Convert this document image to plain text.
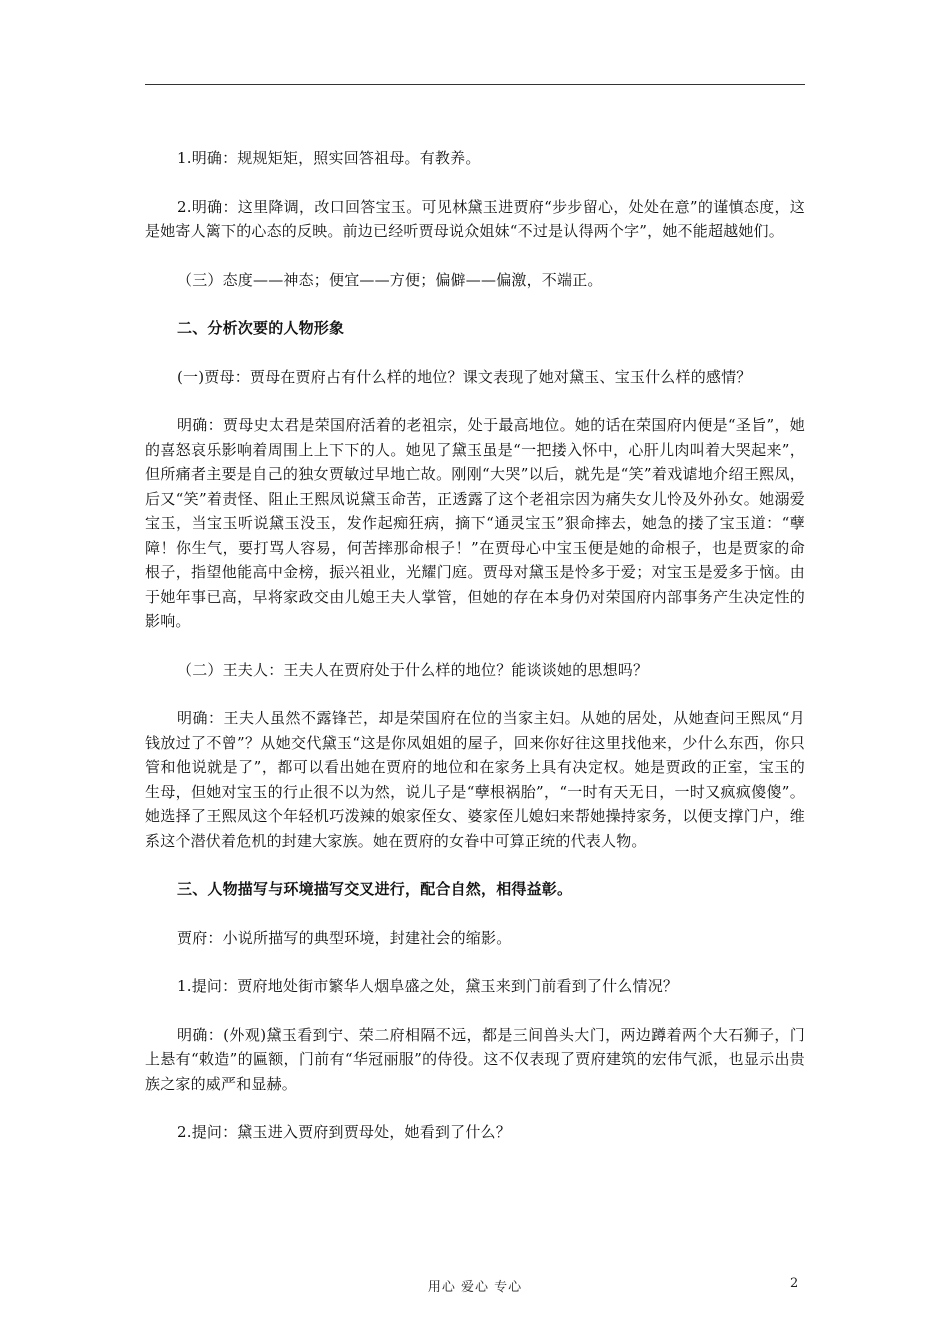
1.明确：规规矩矩，照实回答祖母。有教养。

2.明确：这里降调，改口回答宝玉。可见林黛玉进贾府“步步留心，处处在意”的谨慎态度，这是她寄人篱下的心态的反映。前边已经听贾母说众姐妹“不过是认得两个字”，她不能超越她们。

（三）态度——神态；便宜——方便；偏僻——偏激，不端正。

二、分析次要的人物形象

(一)贾母：贾母在贾府占有什么样的地位？课文表现了她对黛玉、宝玉什么样的感情？

明确：贾母史太君是荣国府活着的老祖宗，处于最高地位。她的话在荣国府内便是“圣旨”，她的喜怒哀乐影响着周围上上下下的人。她见了黛玉虽是“一把搂入怀中，心肝儿肉叫着大哭起来”，但所痛者主要是自己的独女贾敏过早地亡故。刚刚“大哭”以后，就先是“笑”着戏谑地介绍王熙凤，后又“笑”着责怪、阻止王熙凤说黛玉命苦，正透露了这个老祖宗因为痛失女儿怜及外孙女。她溺爱宝玉，当宝玉听说黛玉没玉，发作起痴狂病，摘下“通灵宝玉”狠命摔去，她急的搂了宝玉道：“孽障！你生气，要打骂人容易，何苦摔那命根子！”在贾母心中宝玉便是她的命根子，也是贾家的命根子，指望他能高中金榜，振兴祖业，光耀门庭。贾母对黛玉是怜多于爱；对宝玉是爱多于恼。由于她年事已高，早将家政交由儿媳王夫人掌管，但她的存在本身仍对荣国府内部事务产生决定性的影响。

（二）王夫人：王夫人在贾府处于什么样的地位？能谈谈她的思想吗？

明确：王夫人虽然不露锋芒，却是荣国府在位的当家主妇。从她的居处，从她查问王熙凤“月钱放过了不曾”？从她交代黛玉“这是你凤姐姐的屋子，回来你好往这里找他来，少什么东西，你只管和他说就是了”，都可以看出她在贾府的地位和在家务上具有决定权。她是贾政的正室，宝玉的生母，但她对宝玉的行止很不以为然，说儿子是“孽根祸胎”，“一时有天无日，一时又疯疯傻傻”。她选择了王熙凤这个年轻机巧泼辣的娘家侄女、婆家侄儿媳妇来帮她操持家务，以便支撑门户，维系这个潜伏着危机的封建大家族。她在贾府的女眷中可算正统的代表人物。

三、人物描写与环境描写交叉进行，配合自然，相得益彰。

贾府：小说所描写的典型环境，封建社会的缩影。

1.提问：贾府地处街市繁华人烟阜盛之处，黛玉来到门前看到了什么情况？

明确：(外观)黛玉看到宁、荣二府相隔不远，都是三间兽头大门，两边蹲着两个大石狮子，门上悬有“敕造”的匾额，门前有“华冠丽服”的侍役。这不仅表现了贾府建筑的宏伟气派，也显示出贵族之家的威严和显赫。

2.提问：黛玉进入贾府到贾母处，她看到了什么？

用心 爱心 专心	2
